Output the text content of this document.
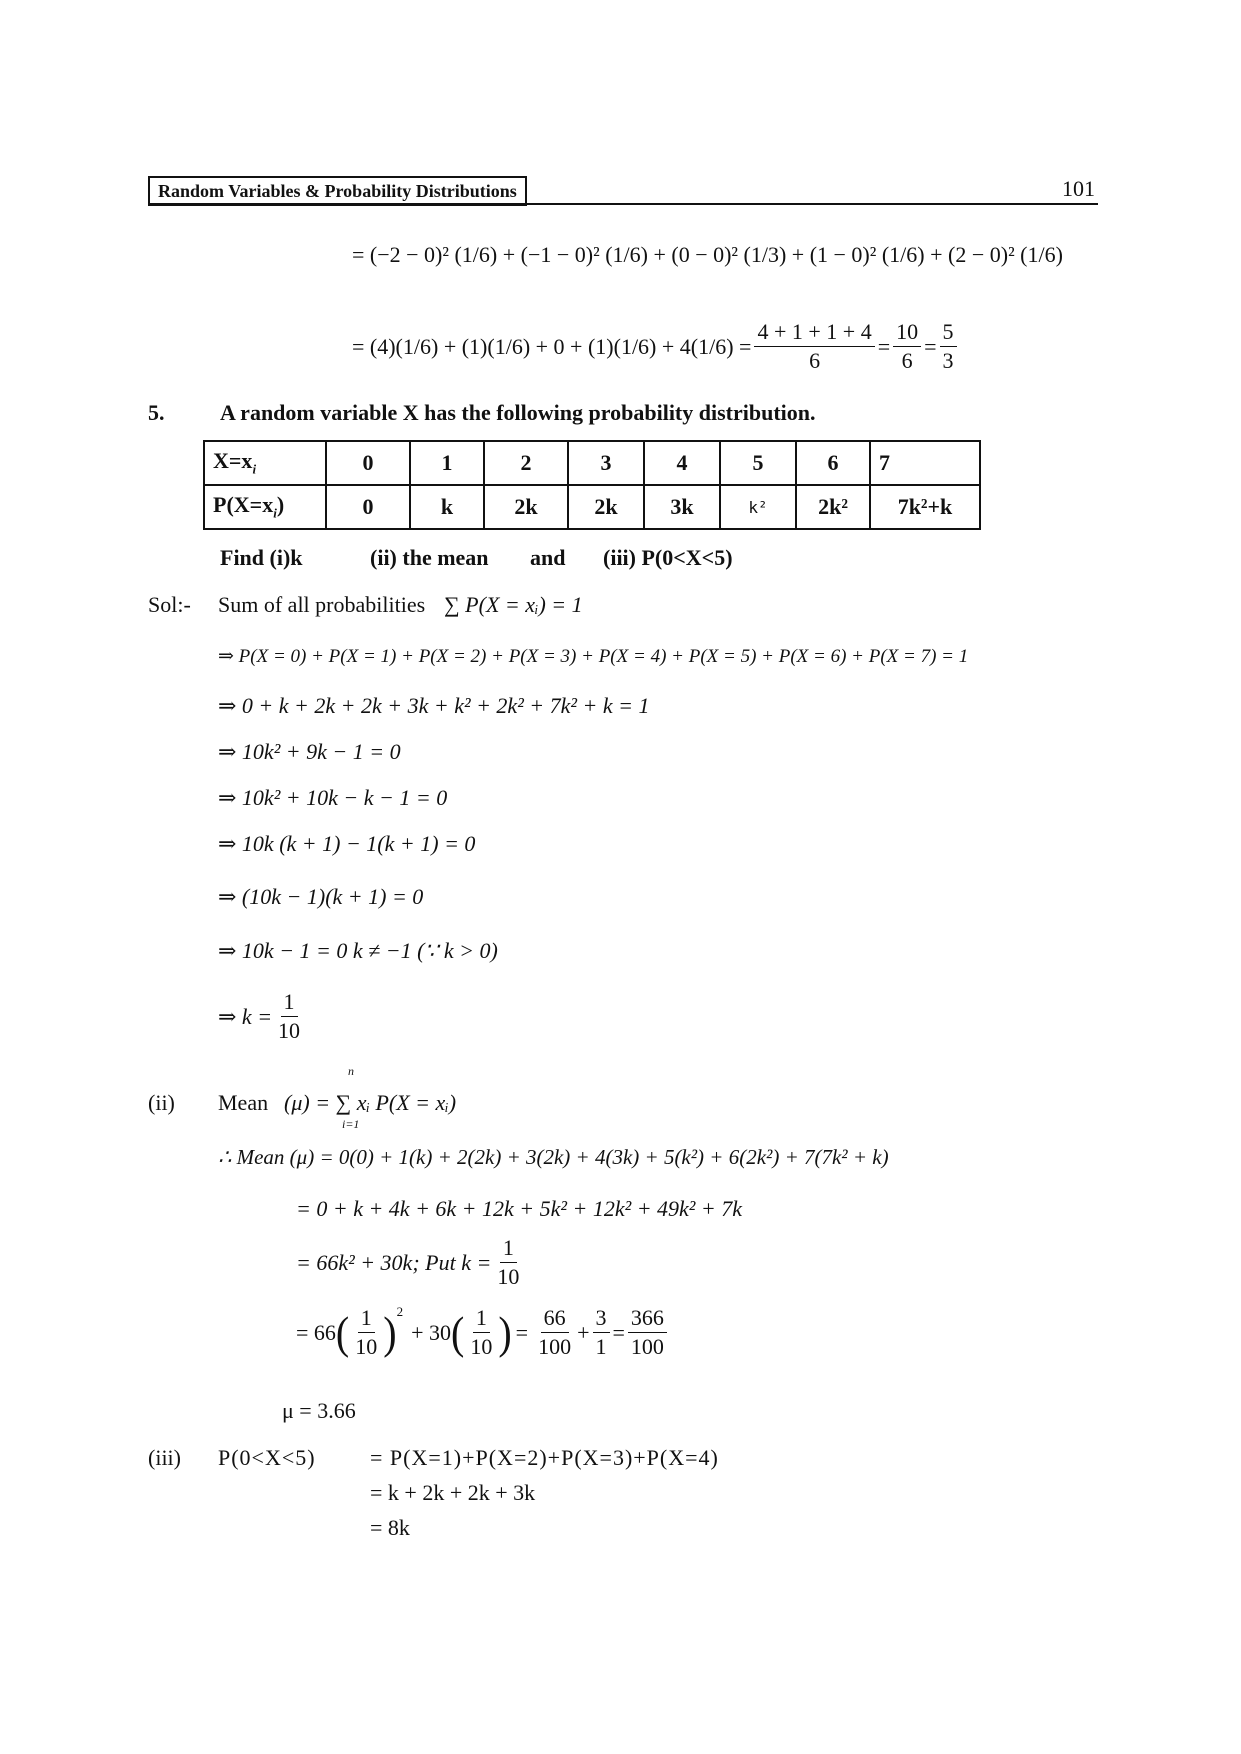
Random Variables & Probability Distributions	101
= (−2 − 0)² (1/6) + (−1 − 0)² (1/6) + (0 − 0)² (1/3) + (1 − 0)² (1/6) + (2 − 0)² (1/6)
= $(4)(1/6) + (1)(1/6) + 0 + (1)(1/6) + 4(1/6) = \frac{4 + 1 + 1 + 4}{6} = \frac{10}{6} = \frac{5}{3}$
5.	A random variable X has the following probability distribution.
$X=x_i$	0	1	2	3	4	5	6	7
$P(X=x_i)$	0	k	2k	2k	3k	k²	2k²	7k²+k
Find (i)k	(ii) the mean and (iii) P(0<X<5)
Sol:- Sum of all probabilities ∑ P(X = xᵢ) = 1
⇒ P(X = 0) + P(X = 1) + P(X = 2) + P(X = 3) + P(X = 4) + P(X = 5) + P(X = 6) + P(X = 7) = 1
⇒ 0 + k + 2k + 2k + 3k + k² + 2k² + 7k² + k = 1
⇒ 10k² + 9k − 1 = 0
⇒ 10k² + 10k − k − 1 = 0
⇒ 10k (k + 1) − 1(k + 1) = 0
⇒ (10k − 1)(k + 1) = 0
⇒ 10k − 1 = 0 k ≠ −1 (∵ k > 0)
⇒ $k = \frac{1}{10}$
(ii) Mean
n
(μ) = ∑ xᵢ P(X = xᵢ)
i=1
∴ Mean (μ) = 0(0) + 1(k) + 2(2k) + 3(2k) + 4(3k) + 5(k²) + 6(2k²) + 7(7k² + k)
= 0 + k + 4k + 6k + 12k + 5k² + 12k² + 49k² + 7k
= 66k² + 30k; Put $k = \frac{1}{10}$
= 66 ( $\frac{1}{10} )^2$
+ 30 ( $\frac{1}{10}$ ) = $\frac{66}{100} + \frac{3}{1} = \frac{366}{100}$
μ = 3.66
(iii) P(0<X<5) = P(X=1)+P(X=2)+P(X=3)+P(X=4)
= k + 2k + 2k + 3k
= 8k
